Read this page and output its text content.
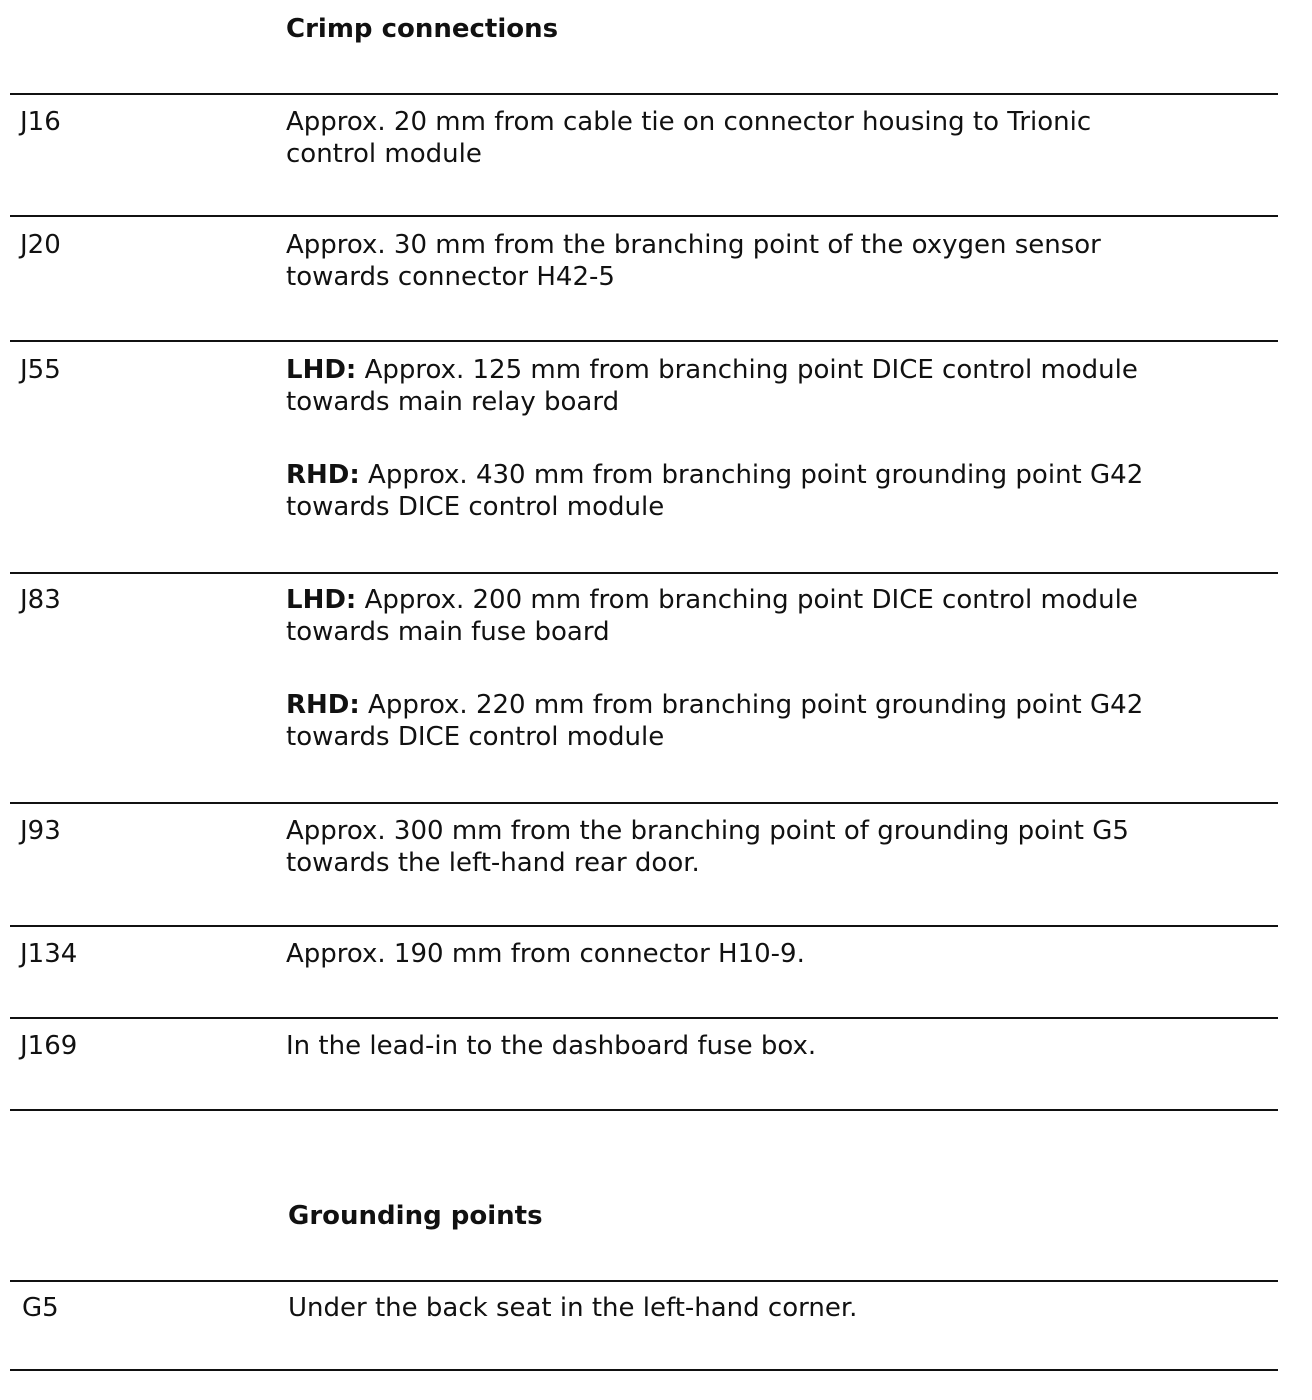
Crimp connections
J16	Approx. 20 mm from cable tie on connector housing to Trionic control module

J20	Approx. 30 mm from the branching point of the oxygen sensor towards connector H42-5

J55	LHD: Approx. 125 mm from branching point DICE control module towards main relay board

RHD: Approx. 430 mm from branching point grounding point G42 towards DICE control module

J83	LHD: Approx. 200 mm from branching point DICE control module towards main fuse board

RHD: Approx. 220 mm from branching point grounding point G42 towards DICE control module

J93	Approx. 300 mm from the branching point of grounding point G5 towards the left-hand rear door.

J134	Approx. 190 mm from connector H10-9.

J169	In the lead-in to the dashboard fuse box.

Grounding points
G5	Under the back seat in the left-hand corner.
